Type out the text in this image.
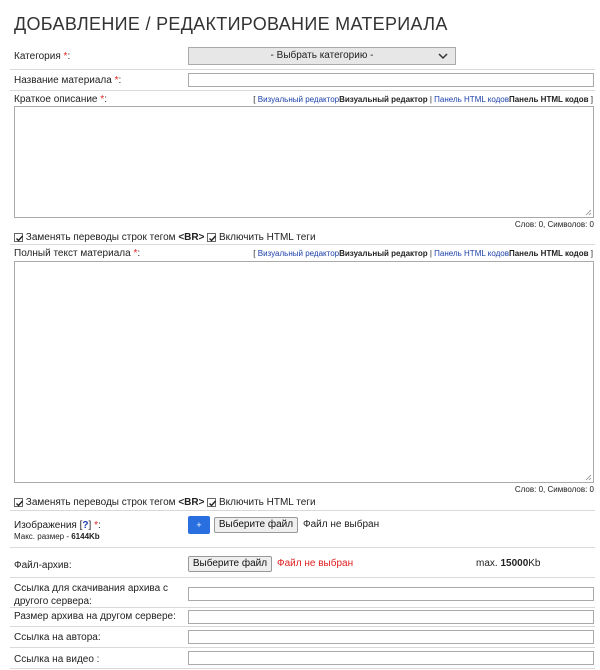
ДОБАВЛЕНИЕ / РЕДАКТИРОВАНИЕ МАТЕРИАЛА
Категория *:	- Выбрать категорию -
Название материала *:
Краткое описание *:	[ Визуальный редакторВизуальный редактор | Панель HTML кодовПанель HTML кодов ]
Слов: 0, Символов: 0
Заменять переводы строк тегом <BR> Включить HTML теги
Полный текст материала *:	[ Визуальный редакторВизуальный редактор | Панель HTML кодовПанель HTML кодов ]
Слов: 0, Символов: 0
Заменять переводы строк тегом <BR> Включить HTML теги
Изображения [?] *:
Макс. размер - 6144Kb
+	Выберите файл Файл не выбран
Файл-архив:	Выберите файл Файл не выбран	max. 15000Kb
Ссылка для скачивания архива с
другого сервера:
Размер архива на другом сервере:
Ссылка на автора:
Ссылка на видео :
